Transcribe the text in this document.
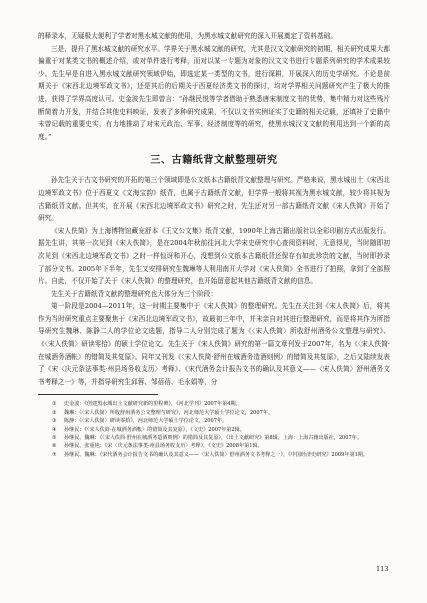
的释录本，无疑极大便利了学者对黑水城文献的使用，为黑水城文献研究的深入开展奠定了资料基础。

三是，提升了黑水城文献的研究水平。学界关于黑水城文献的研究，尤其是汉文文献研究的初期，相关研究成果大都偏重于对某类文书的概述介绍，或对单件进行考释，而对以某一专题为对象的汉文文书进行专题系列研究的学术成果较少。先生早是自进入黑水城文献研究领域伊始，即选定某一类型的文书，进行深耕，开展深入的历史学研究。不论是前期关于《宋西北边境军政文书》，还是其后的后期关于西夏经济类文书的探讨，均对学界相关问题研究产生了极大的推进，获得了学界高度认可。史金波先生即曾言：“孙继民悦等学者借助于熟悉唐宋制度文书的优势，集中精力对这些残片断简着力开发，并结合其他史料映证，发表了多种研究成果，不仅以文书实例证实了史籍的相关记载，还填补了史籍中未曾记载的重要史实，有力地推动了对宋元政治、军事、经济制度等的研究，使黑水城汉文文献的利用达到一个新的高度。”

三、古籍纸背文献整理研究

孙先生关于古文书研究的开拓的第三个领域即是公文纸本古籍纸背文献整理与研究。严格来说，黑水城出土《宋西北边境军政文书》位于西夏文《文海宝韵》纸背，也属于古籍纸背文献，但学界一般将其视为黑水城文献，较少将其视为古籍纸背文献。但其实，在开展《宋西北边境军政文书》研究之时，先生还对另一部古籍纸背文献《宋人佚简》开始了研究。

《宋人佚简》为上海博物馆藏宠舒本《王文公文集》纸背文献，1990年上海古籍出版社以全彩印刷方式出版发行。据先生讲，其第一次见到《宋人佚简》，是在2004年秋前往河北大学宋史研究中心查阅资料时，无意得见，当时随即初次见到《宋西北边境军政文书》之时一样惊讶和开心，没想到公文纸本古籍纸背还保存有如此珍贵的文献，当时即抄录了部分文书。2005年下半年，先生又安排研究生魏琳等人利用南开大学对《宋人佚简》全书进行了拍照，拿到了全部照片。自此，不仅开始了关于《宋人佚简》的整理研究，也开始留意起其他古籍纸背文献的信息。

先生关于古籍纸背文献的整理研究也大体分为三个阶段：

第一阶段是2004—2011年，这一时期主要集中于《宋人佚简》的整理研究。先生在关注到《宋人佚简》后，将其作为当时研究重点主要聚焦于《宋西北边境军政文书》，故最初三年中，并未亲自对其进行整理研究，而是将其作为所指导研究生魏琳、陈静二人的学位论文选题，指导二人分别完成了题为《〈宋人佚简〉所收舒州酒务公文整理与研究》、《〈宋人佚简〉研读零拾》的硕士学位论文。先生关于《宋人佚简》研究的第一篇文章刊发于2007年，名为《〈宋人佚简·在城酒务酒帐〉的错简及其复原》。同年又刊发《〈宋人佚简·舒州在城酒务造酒则例〉的错简及其复原》，之后又陆续发表了《宋〈庆元条法事类·州县场务收支历〉考释》、《宋代酒务会计报告文书的确认及其意义——〈宋人佚简〉舒州酒务文书考释之一》等，并指导研究生邱蓉、邹蓓蓓、毛永娟等，分

① 史金波：《创建黑水城出土文献研究新的里程碑》，《河北学刊》2007年第4期。

② 魏琳：《〈宋人佚简〉所收舒州酒务公文整理与研究》，河北师范大学硕士学位论文，2007年。

③ 陈静：《〈宋人佚简〉研读零拾》，河北师范大学硕士学位论文，2007年。

④ 孙继民：《〈宋人佚简·在城酒务酒帐〉的错简及其复原》，《文史》2007年第2辑。

⑤ 孙继民、魏琳：《〈宋人佚简·舒州在城酒务造酒则例〉的错简及其复原》，《出土文献研究》第8辑，上海：上海古籍出版社，2007年。

⑥ 孙继民、张重艳：《宋〈庆元条法事类·州县场务收支历〉考释》，《文史》2008年第1辑。

⑦ 孙继民、魏琳：《宋代酒务会计报告文书的确认及其意义——〈宋人佚简〉舒州酒务文书考释之一》，《中国经济史研究》2009年第1期。

113
